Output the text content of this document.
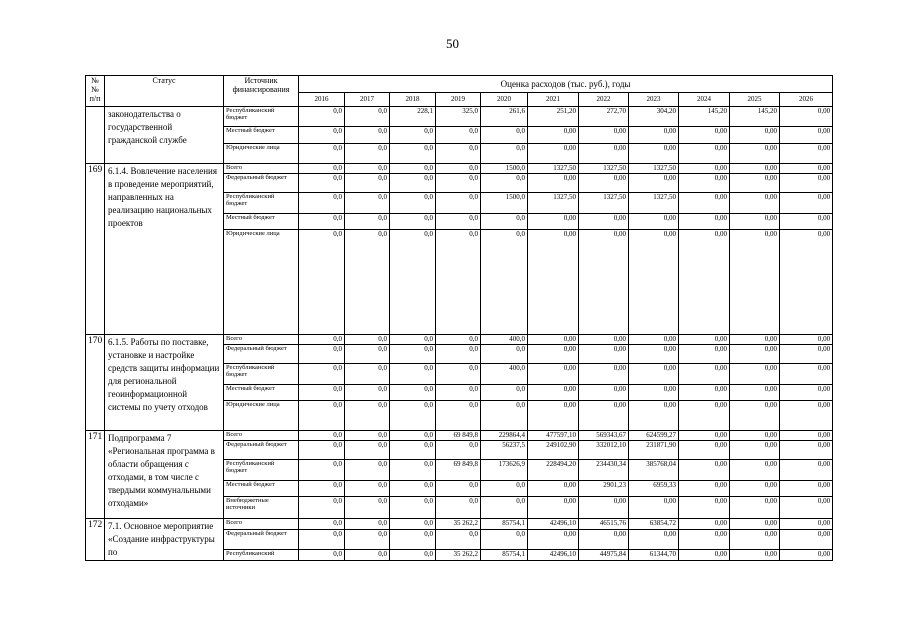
50
№
№
п/п	Статус	Источник финансирования	Оценка расходов (тыс. руб.), годы										
			2016	2017	2018	2019	2020	2021	2022	2023	2024	2025	2026
	законодательства о государственной гражданской службе	Республиканский бюджет	0,0	0,0	228,1	325,0	261,6	251,20	272,70	304,20	145,20	145,20	0,00
		Местный бюджет	0,0	0,0	0,0	0,0	0,0	0,00	0,00	0,00	0,00	0,00	0,00
		Юридические лица	0,0	0,0	0,0	0,0	0,0	0,00	0,00	0,00	0,00	0,00	0,00
169	6.1.4. Вовлечение населения в проведение мероприятий, направленных на реализацию национальных проектов	Всего	0,0	0,0	0,0	0,0	1500,0	1327,50	1327,50	1327,50	0,00	0,00	0,00
		Федеральный бюджет	0,0	0,0	0,0	0,0	0,0	0,00	0,00	0,00	0,00	0,00	0,00
		Республиканский бюджет	0,0	0,0	0,0	0,0	1500,0	1327,50	1327,50	1327,50	0,00	0,00	0,00
		Местный бюджет	0,0	0,0	0,0	0,0	0,0	0,00	0,00	0,00	0,00	0,00	0,00
		Юридические лица	0,0	0,0	0,0	0,0	0,0	0,00	0,00	0,00	0,00	0,00	0,00
170	6.1.5. Работы по поставке, установке и настройке средств защиты информации для региональной геоинформационной системы по учету отходов	Всего	0,0	0,0	0,0	0,0	400,0	0,00	0,00	0,00	0,00	0,00	0,00
		Федеральный бюджет	0,0	0,0	0,0	0,0	0,0	0,00	0,00	0,00	0,00	0,00	0,00
		Республиканский бюджет	0,0	0,0	0,0	0,0	400,0	0,00	0,00	0,00	0,00	0,00	0,00
		Местный бюджет	0,0	0,0	0,0	0,0	0,0	0,00	0,00	0,00	0,00	0,00	0,00
		Юридические лица	0,0	0,0	0,0	0,0	0,0	0,00	0,00	0,00	0,00	0,00	0,00
171	Подпрограмма 7 «Региональная программа в области обращения с отходами, в том числе с твердыми коммунальными отходами»	Всего	0,0	0,0	0,0	69 849,8	229864,4	477597,10	569343,67	624599,27	0,00	0,00	0,00
		Федеральный бюджет	0,0	0,0	0,0	0,0	56237,5	249102,90	332012,10	231871,90	0,00	0,00	0,00
		Республиканский бюджет	0,0	0,0	0,0	69 849,8	173626,9	228494,20	234430,34	385768,04	0,00	0,00	0,00
		Местный бюджет	0,0	0,0	0,0	0,0	0,0	0,00	2901,23	6959,33	0,00	0,00	0,00
		Внебюджетные источники	0,0	0,0	0,0	0,0	0,0	0,00	0,00	0,00	0,00	0,00	0,00
172	7.1. Основное мероприятие «Создание инфраструктуры по	Всего	0,0	0,0	0,0	35 262,2	85754,1	42496,10	46515,76	63854,72	0,00	0,00	0,00
		Федеральный бюджет	0,0	0,0	0,0	0,0	0,0	0,00	0,00	0,00	0,00	0,00	0,00
		Республиканский	0,0	0,0	0,0	35 262,2	85754,1	42496,10	44975,84	61344,70	0,00	0,00	0,00
